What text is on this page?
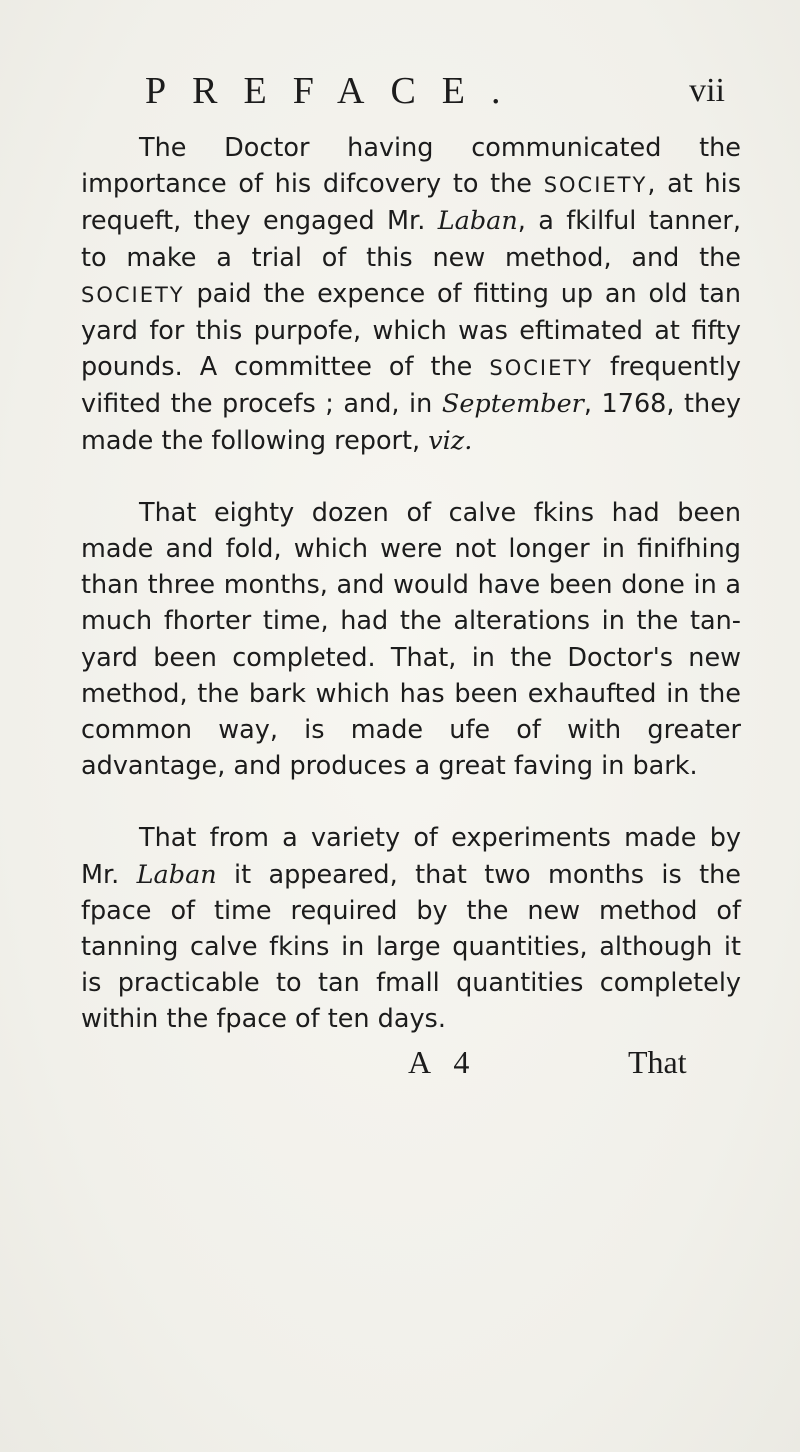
PREFACE.	vii

The Doctor having communicated the importance of his difcovery to the SOCIETY, at his requeft, they engaged Mr. Laban, a fkilful tanner, to make a trial of this new method, and the SOCIETY paid the expence of fitting up an old tan yard for this purpofe, which was eftimated at fifty pounds. A committee of the SOCIETY frequently vifited the procefs ; and, in September, 1768, they made the following report, viz.

That eighty dozen of calve fkins had been made and fold, which were not longer in finifhing than three months, and would have been done in a much fhorter time, had the alterations in the tan-yard been completed. That, in the Doctor's new method, the bark which has been exhaufted in the common way, is made ufe of with greater advantage, and produces a great faving in bark.

That from a variety of experiments made by Mr. Laban it appeared, that two months is the fpace of time required by the new method of tanning calve fkins in large quantities, although it is practicable to tan fmall quantities completely within the fpace of ten days.

A 4	That
